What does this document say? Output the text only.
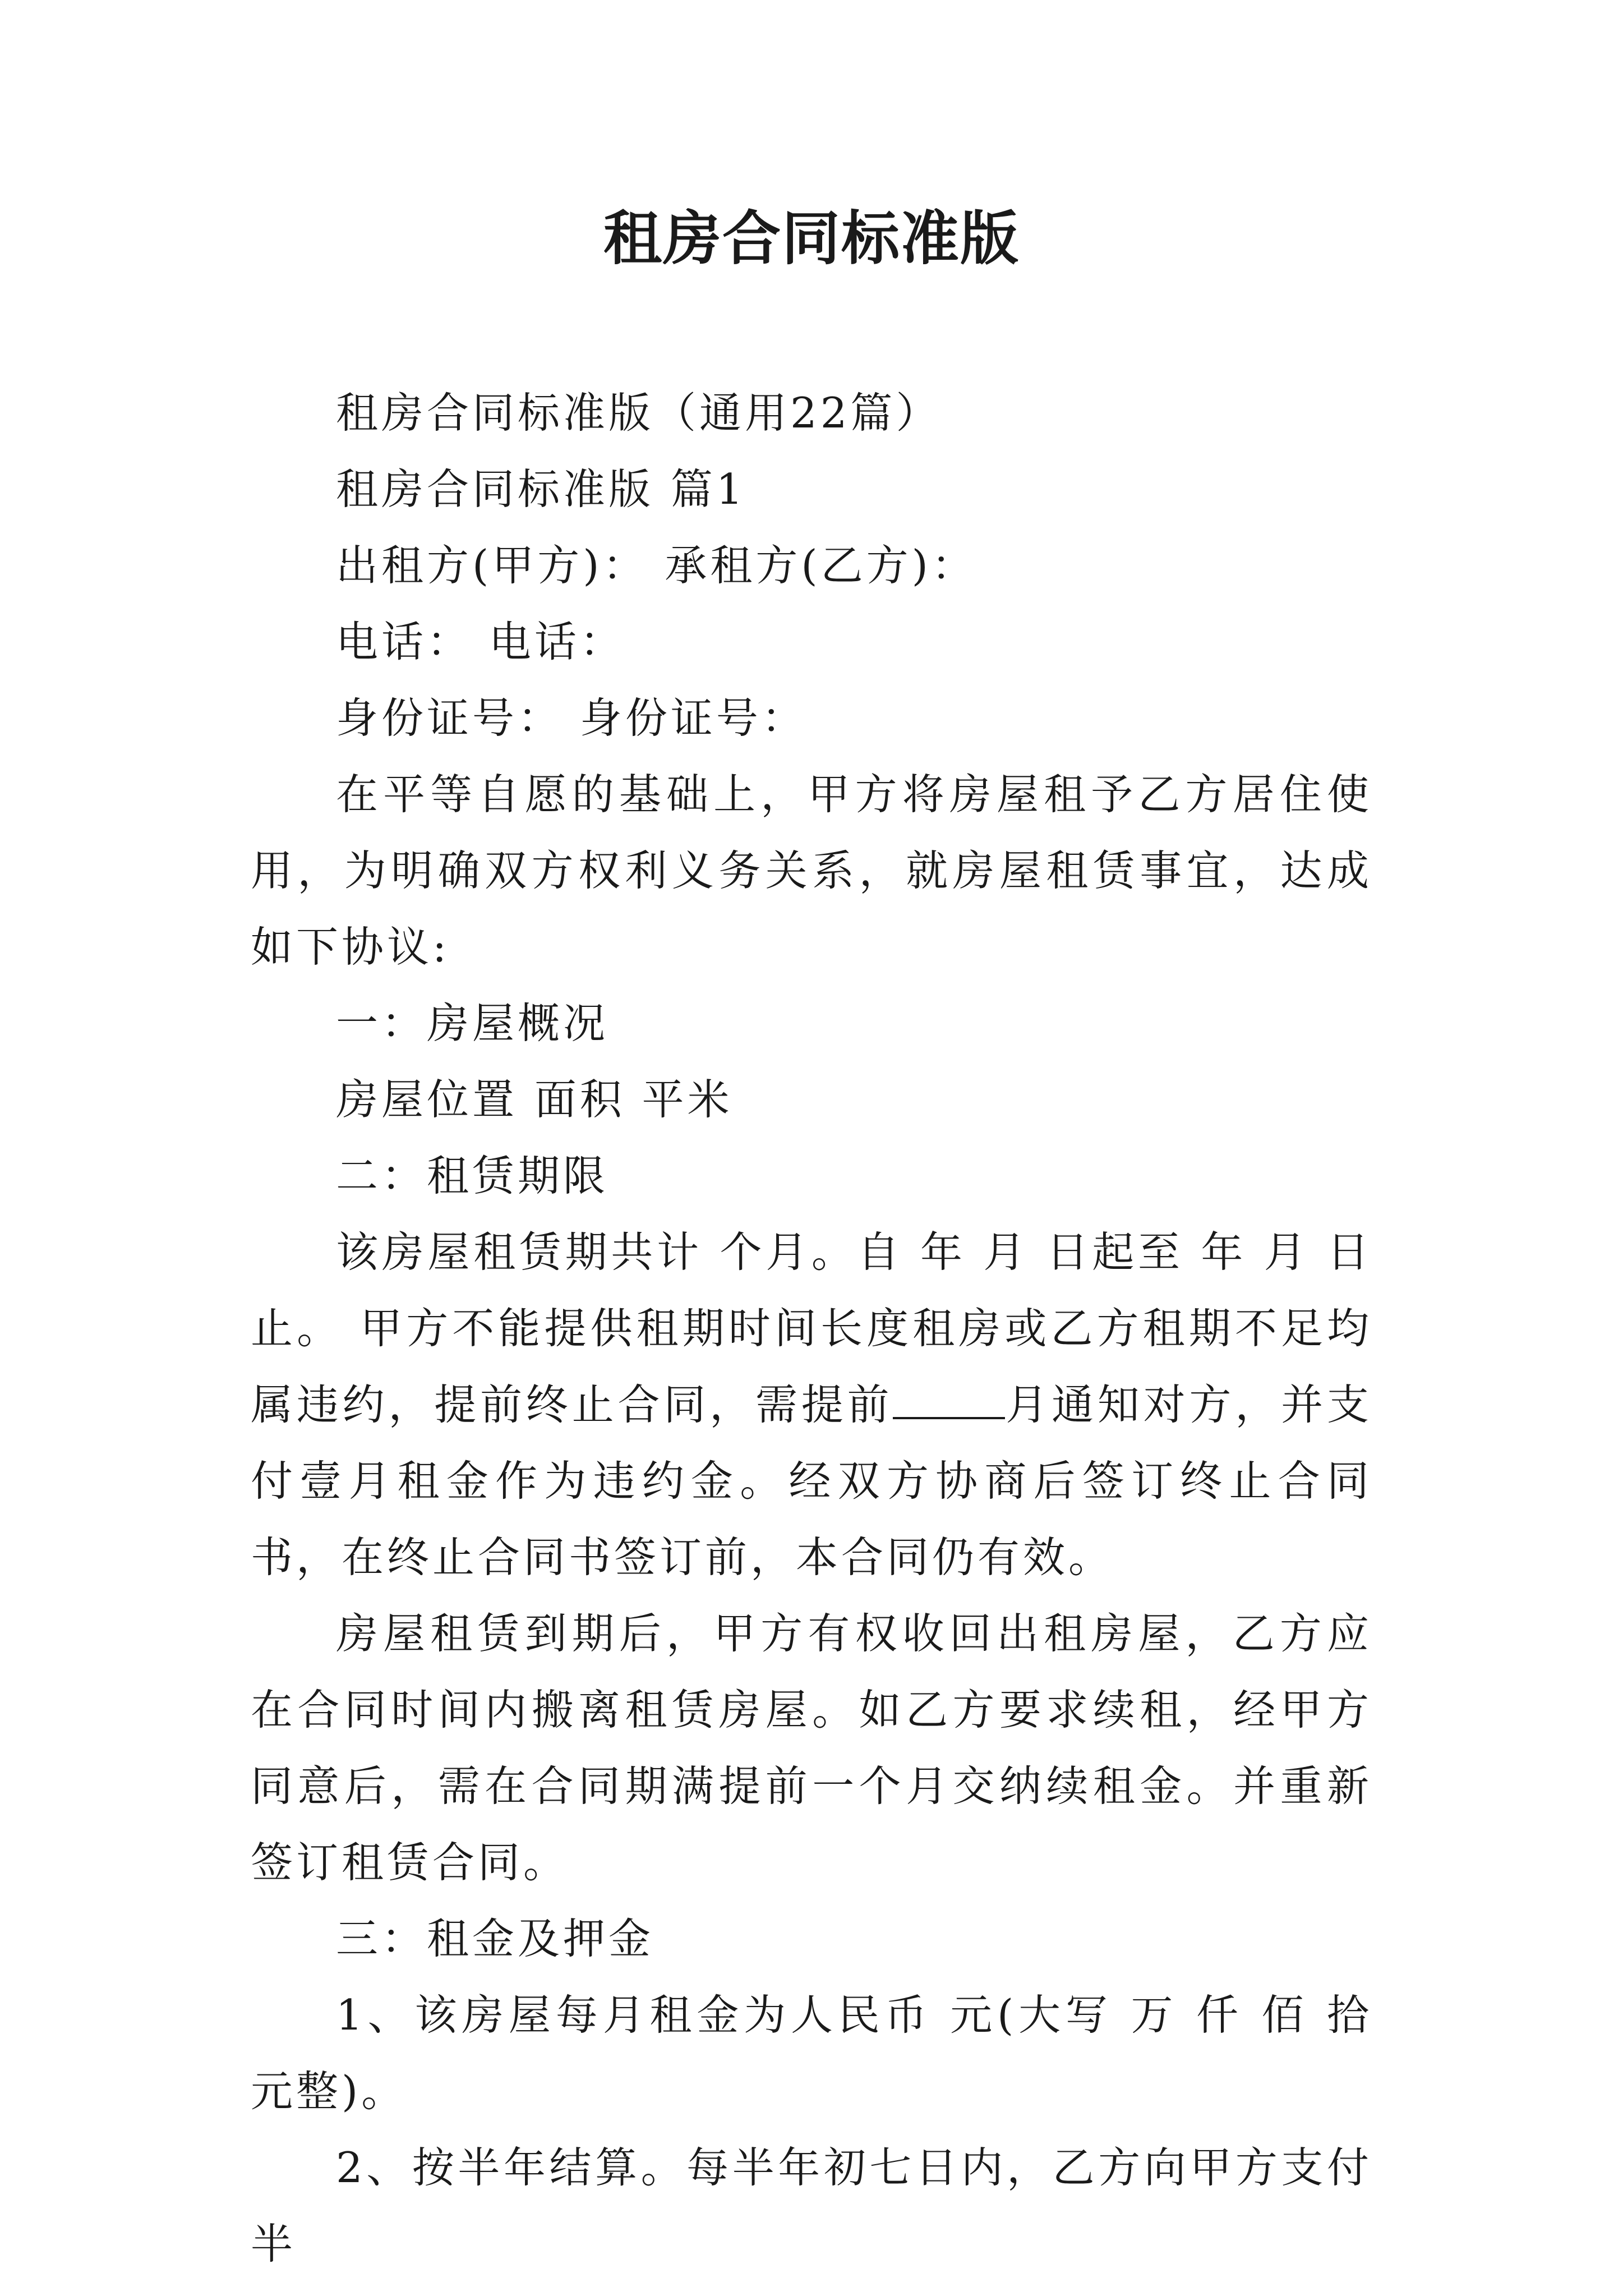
租房合同标准版

租房合同标准版（通用22篇）

租房合同标准版 篇1

出租方(甲方)： 承租方(乙方)：

电话： 电话：

身份证号： 身份证号：

在平等自愿的基础上，甲方将房屋租予乙方居住使用，为明确双方权利义务关系，就房屋租赁事宜，达成如下协议:

一：房屋概况

房屋位置 面积 平米

二：租赁期限

该房屋租赁期共计 个月。自 年 月 日起至 年 月 日止。 甲方不能提供租期时间长度租房或乙方租期不足均属违约，提前终止合同，需提前	月通知对方，并支付壹月租金作为违约金。经双方协商后签订终止合同书，在终止合同书签订前，本合同仍有效。

房屋租赁到期后，甲方有权收回出租房屋，乙方应在合同时间内搬离租赁房屋。如乙方要求续租，经甲方同意后，需在合同期满提前一个月交纳续租金。并重新签订租赁合同。

三：租金及押金

1、该房屋每月租金为人民币 元(大写 万 仟 佰 拾 元整)。

2、按半年结算。每半年初七日内，乙方向甲方支付半
